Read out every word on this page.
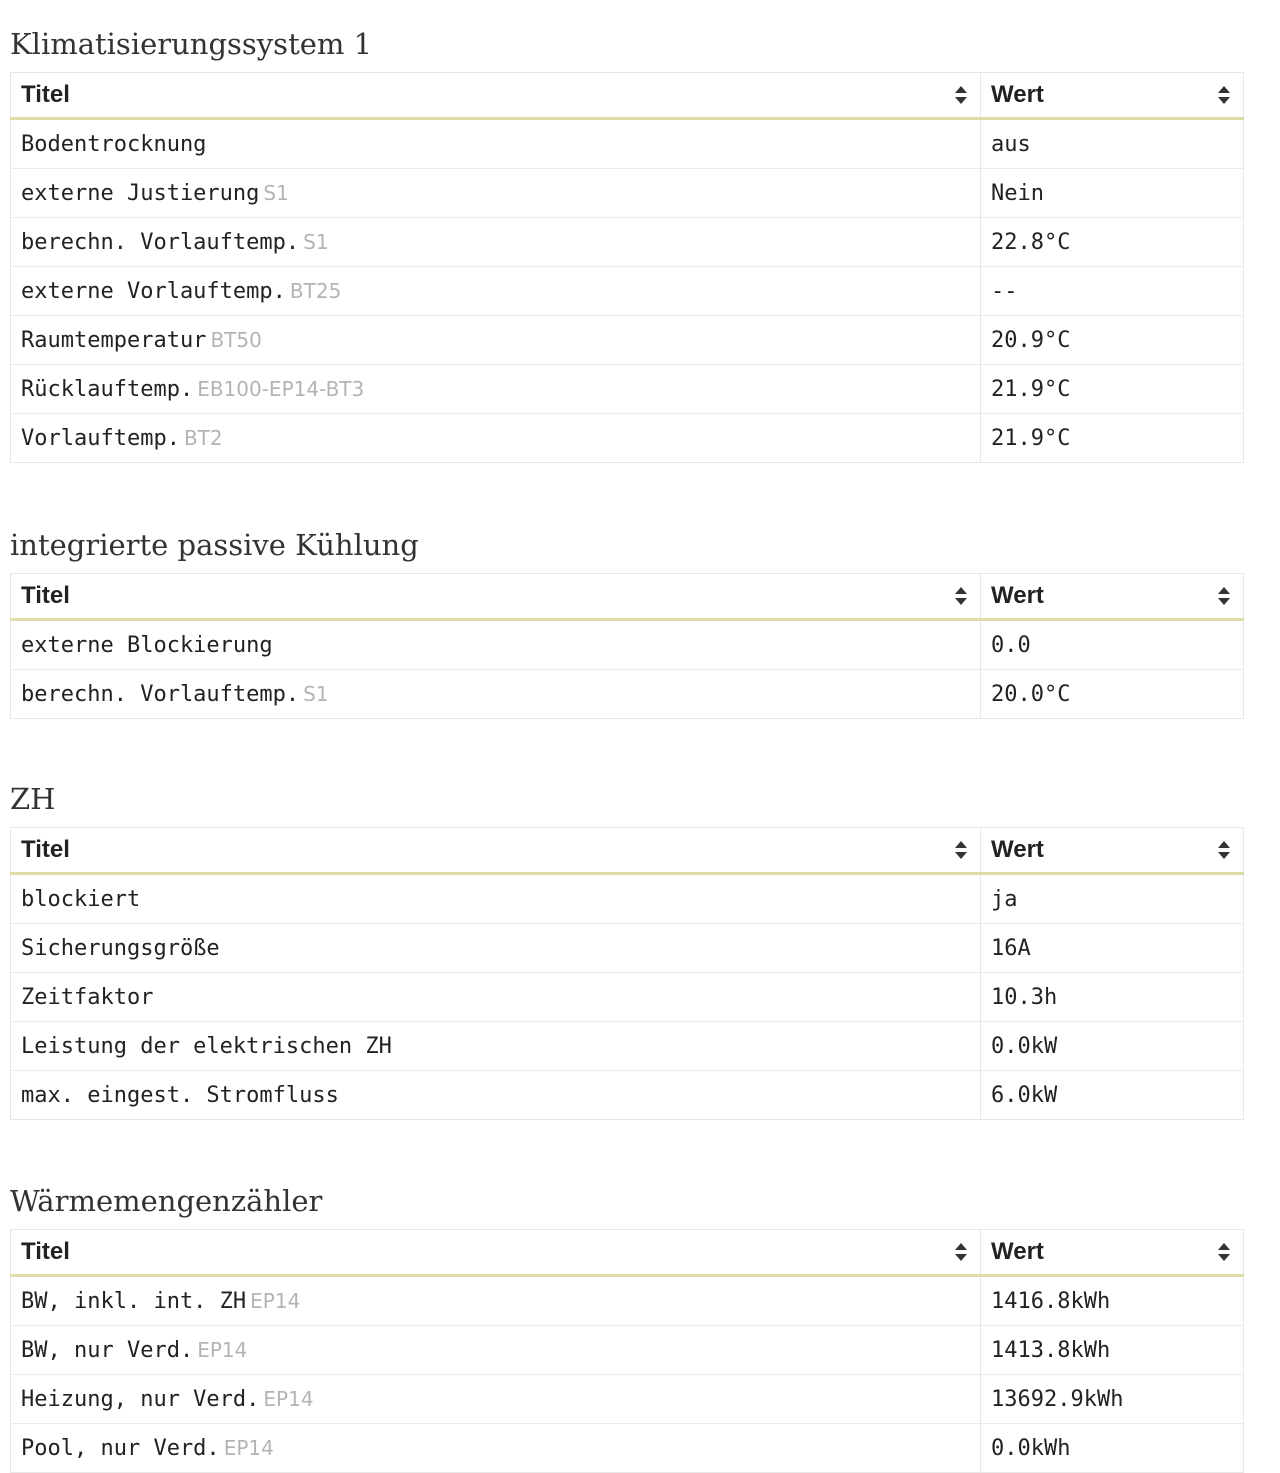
Klimatisierungssystem 1
Titel	Wert

Bodentrocknung	aus
externe Justierung S1	Nein
berechn. Vorlauftemp. S1	22.8°C
externe Vorlauftemp. BT25	--
Raumtemperatur BT50	20.9°C
Rücklauftemp. EB100-EP14-BT3	21.9°C
Vorlauftemp. BT2	21.9°C
integrierte passive Kühlung
Titel	Wert

externe Blockierung	0.0
berechn. Vorlauftemp. S1	20.0°C
ZH
Titel	Wert

blockiert	ja
Sicherungsgröße	16A
Zeitfaktor	10.3h
Leistung der elektrischen ZH	0.0kW
max. eingest. Stromfluss	6.0kW
Wärmemengenzähler
Titel	Wert

BW, inkl. int. ZH EP14	1416.8kWh
BW, nur Verd. EP14	1413.8kWh
Heizung, nur Verd. EP14	13692.9kWh
Pool, nur Verd. EP14	0.0kWh
